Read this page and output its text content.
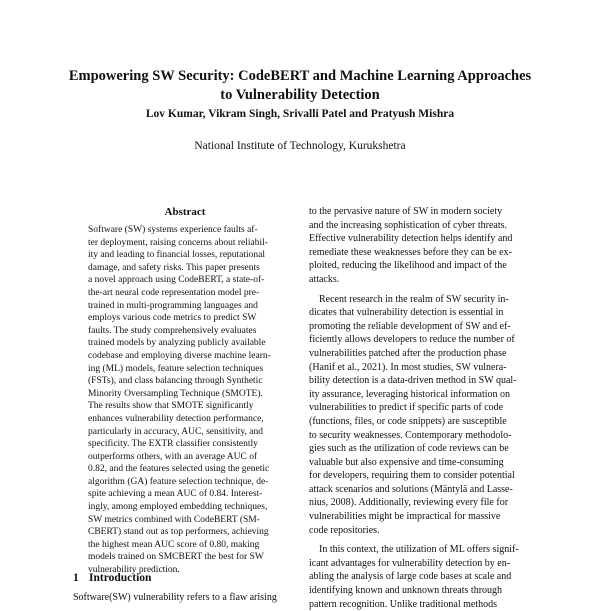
Empowering SW Security: CodeBERT and Machine Learning Approaches
to Vulnerability Detection
Lov Kumar, Vikram Singh, Srivalli Patel and Pratyush Mishra
National Institute of Technology, Kurukshetra
Abstract
Software (SW) systems experience faults af-
ter deployment, raising concerns about reliabil-
ity and leading to financial losses, reputational
damage, and safety risks. This paper presents
a novel approach using CodeBERT, a state-of-
the-art neural code representation model pre-
trained in multi-programming languages and
employs various code metrics to predict SW
faults. The study comprehensively evaluates
trained models by analyzing publicly available
codebase and employing diverse machine learn-
ing (ML) models, feature selection techniques
(FSTs), and class balancing through Synthetic
Minority Oversampling Technique (SMOTE).
The results show that SMOTE significantly
enhances vulnerability detection performance,
particularly in accuracy, AUC, sensitivity, and
specificity. The EXTR classifier consistently
outperforms others, with an average AUC of
0.82, and the features selected using the genetic
algorithm (GA) feature selection technique, de-
spite achieving a mean AUC of 0.84. Interest-
ingly, among employed embedding techniques,
SW metrics combined with CodeBERT (SM-
CBERT) stand out as top performers, achieving
the highest mean AUC score of 0.80, making
models trained on SMCBERT the best for SW
vulnerability prediction.
1 Introduction
Software(SW) vulnerability refers to a flaw arising

to the pervasive nature of SW in modern society
and the increasing sophistication of cyber threats.
Effective vulnerability detection helps identify and
remediate these weaknesses before they can be ex-
ploited, reducing the likelihood and impact of the
attacks.

Recent research in the realm of SW security in-
dicates that vulnerability detection is essential in
promoting the reliable development of SW and ef-
ficiently allows developers to reduce the number of
vulnerabilities patched after the production phase
(Hanif et al., 2021). In most studies, SW vulnera-
bility detection is a data-driven method in SW qual-
ity assurance, leveraging historical information on
vulnerabilities to predict if specific parts of code
(functions, files, or code snippets) are susceptible
to security weaknesses. Contemporary methodolo-
gies such as the utilization of code reviews can be
valuable but also expensive and time-consuming
for developers, requiring them to consider potential
attack scenarios and solutions (Mäntylä and Lasse-
nius, 2008). Additionally, reviewing every file for
vulnerabilities might be impractical for massive
code repositories.

In this context, the utilization of ML offers signif-
icant advantages for vulnerability detection by en-
abling the analysis of large code bases at scale and
identifying known and unknown threats through
pattern recognition. Unlike traditional methods
